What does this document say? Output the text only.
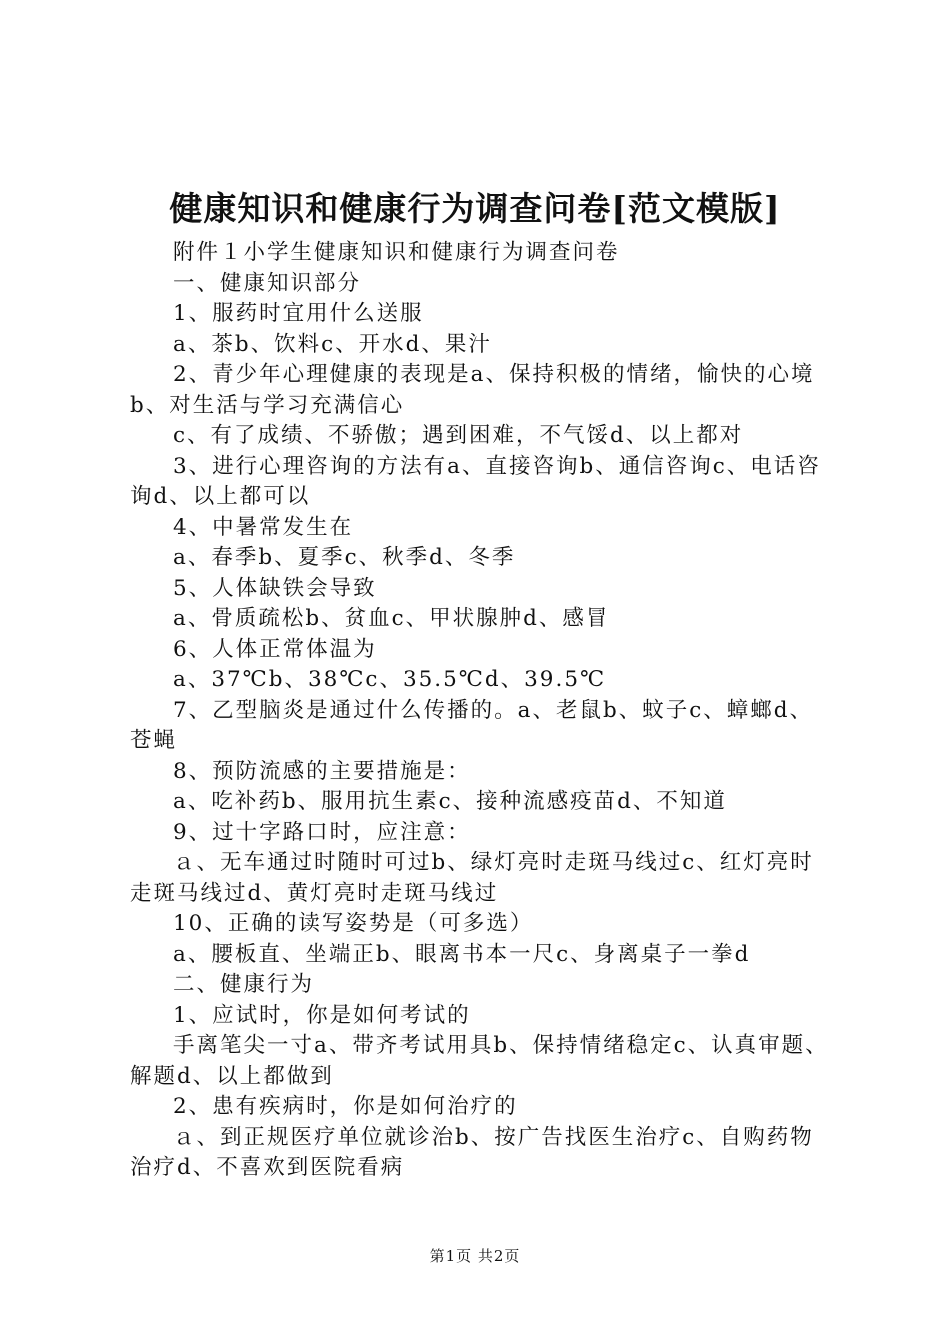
健康知识和健康行为调查问卷[范文模版]

附件１小学生健康知识和健康行为调查问卷

一、健康知识部分

1、服药时宜用什么送服

a、茶b、饮料c、开水d、果汁

2、青少年心理健康的表现是a、保持积极的情绪，愉快的心境b、对生活与学习充满信心

c、有了成绩、不骄傲；遇到困难，不气馁d、以上都对

3、进行心理咨询的方法有a、直接咨询b、通信咨询c、电话咨询d、以上都可以

4、中暑常发生在

a、春季b、夏季c、秋季d、冬季

5、人体缺铁会导致

a、骨质疏松b、贫血c、甲状腺肿d、感冒

6、人体正常体温为

a、37℃b、38℃c、35.5℃d、39.5℃

7、乙型脑炎是通过什么传播的。a、老鼠b、蚊子c、蟑螂d、苍蝇

8、预防流感的主要措施是：

a、吃补药b、服用抗生素c、接种流感疫苗d、不知道

9、过十字路口时，应注意：

ａ、无车通过时随时可过b、绿灯亮时走斑马线过c、红灯亮时走斑马线过d、黄灯亮时走斑马线过

10、正确的读写姿势是（可多选）

a、腰板直、坐端正b、眼离书本一尺c、身离桌子一拳d

二、健康行为

1、应试时，你是如何考试的

手离笔尖一寸a、带齐考试用具b、保持情绪稳定c、认真审题、解题d、以上都做到

2、患有疾病时，你是如何治疗的

ａ、到正规医疗单位就诊治b、按广告找医生治疗c、自购药物治疗d、不喜欢到医院看病

第1页 共2页
